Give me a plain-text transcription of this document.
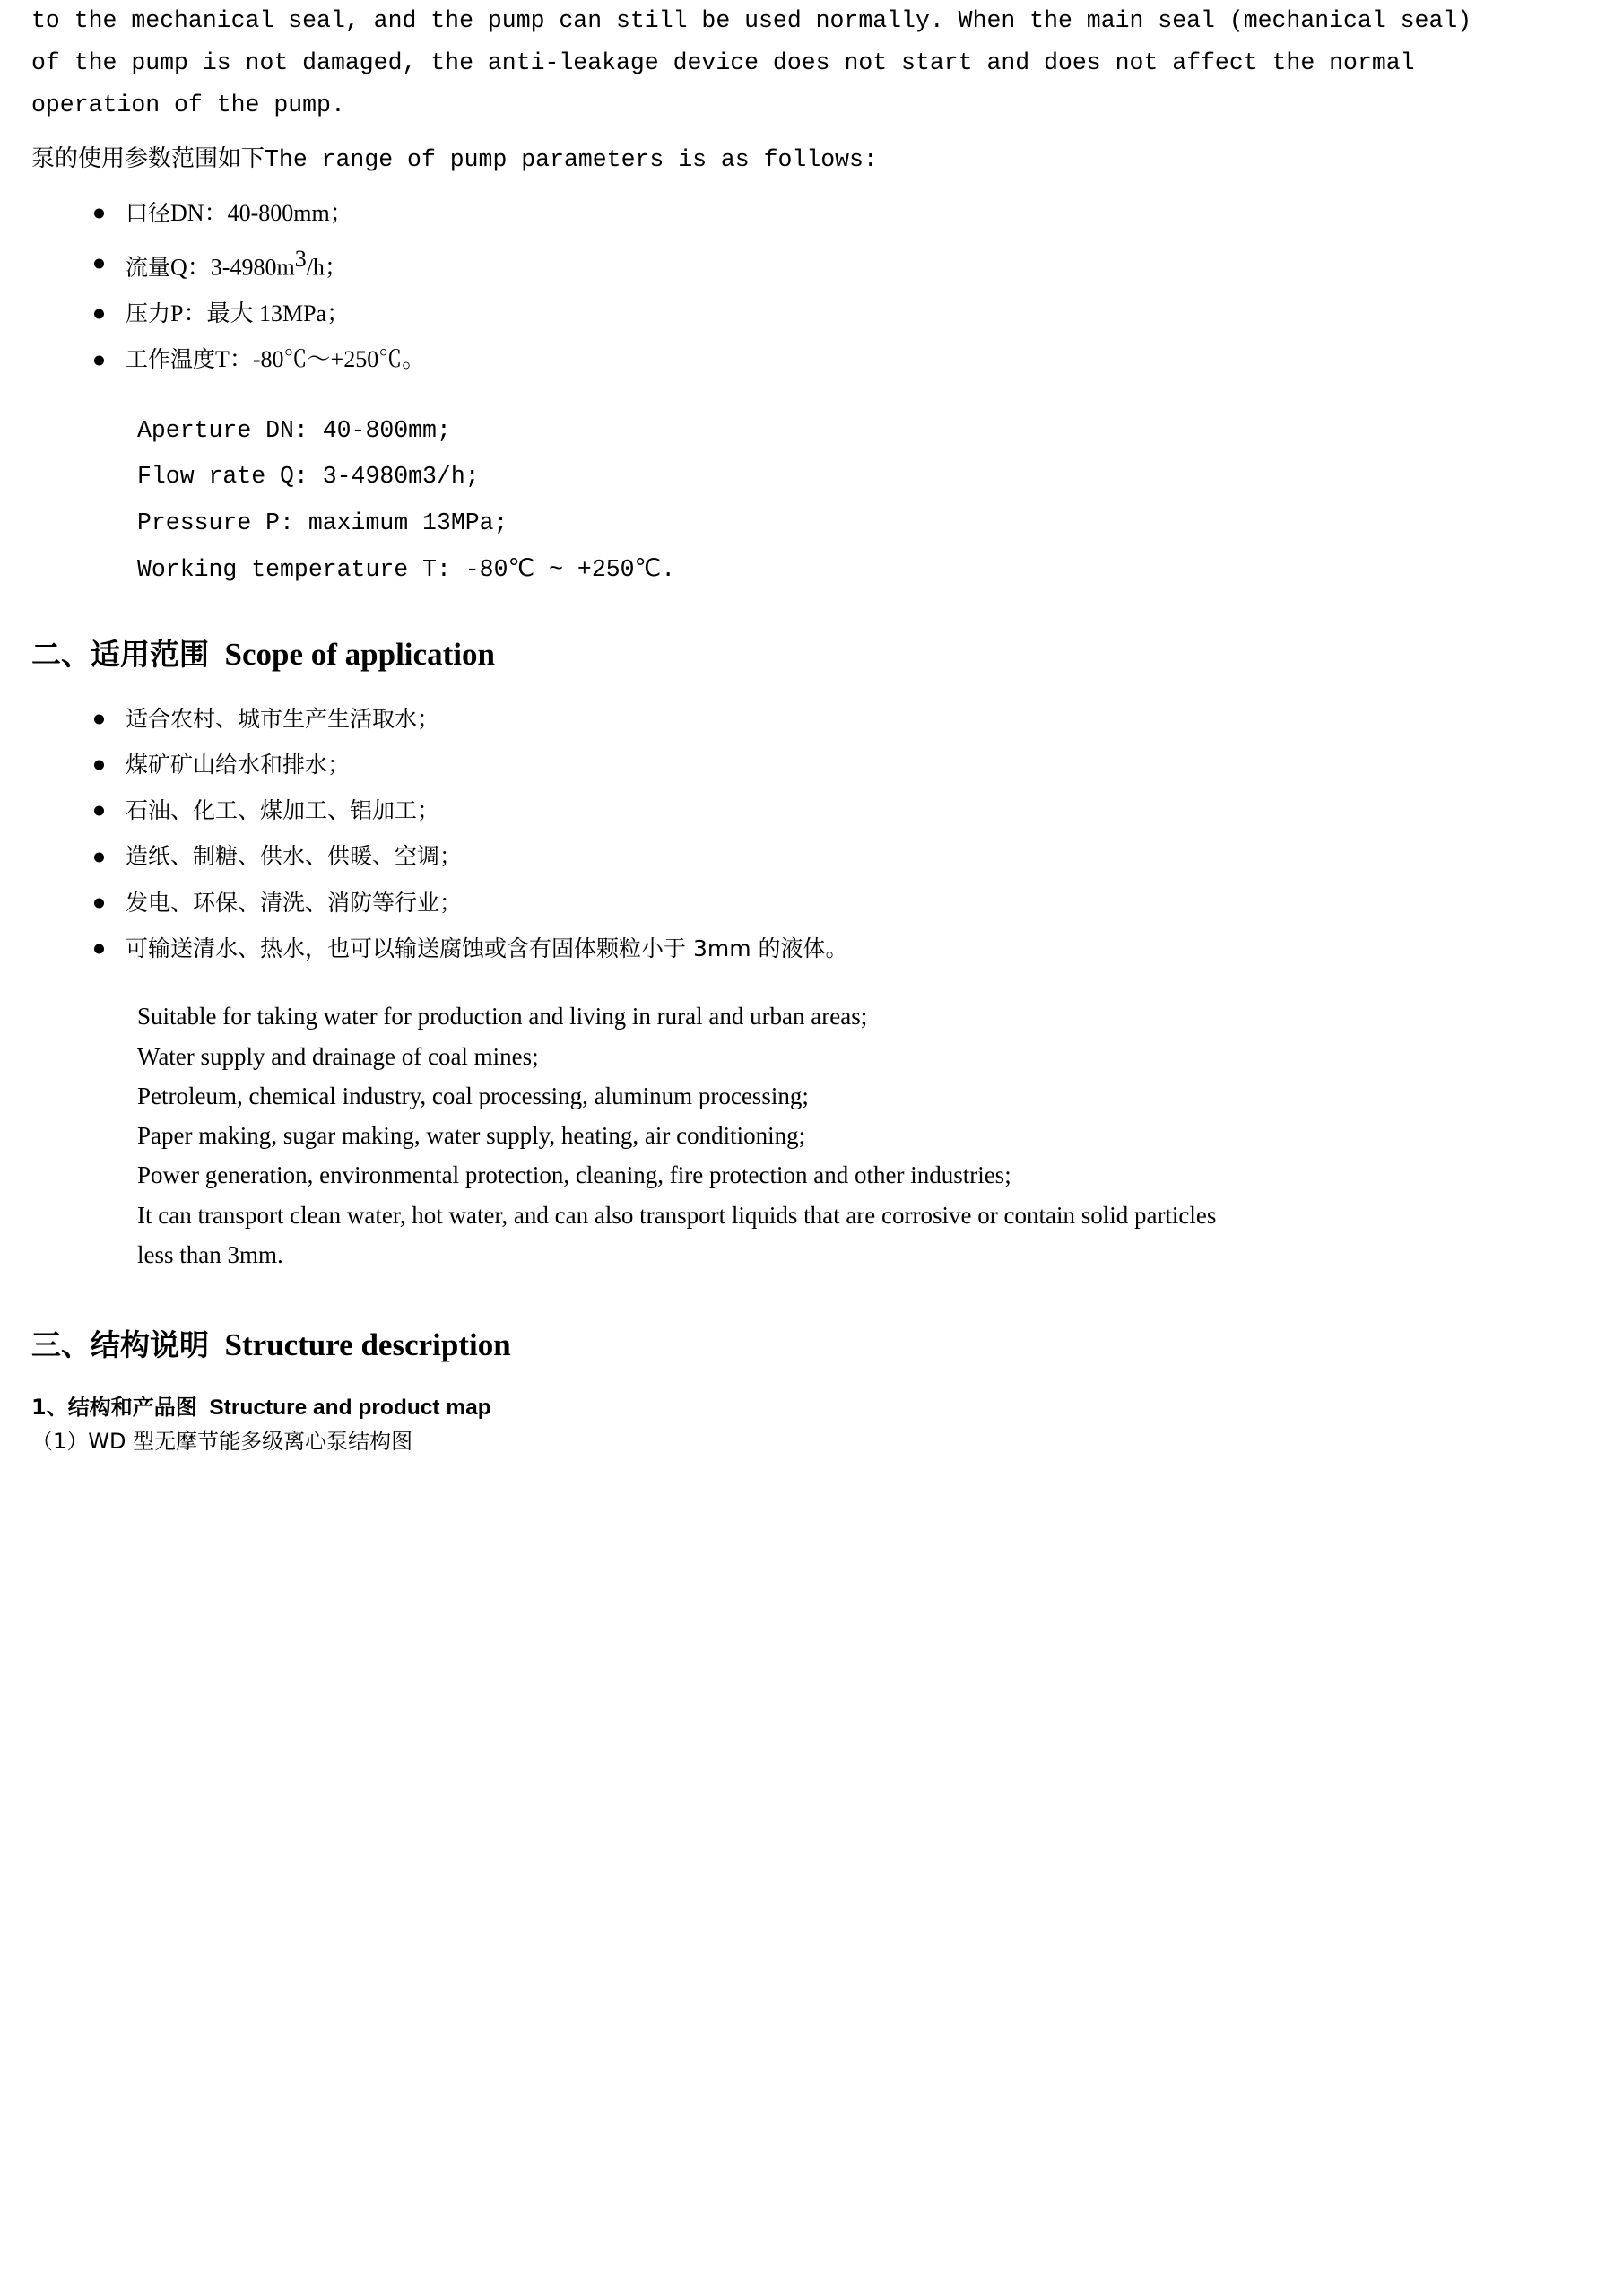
to the mechanical seal, and the pump can still be used normally. When the main seal (mechanical seal)

of the pump is not damaged, the anti-leakage device does not start and does not affect the normal

operation of the pump.

泵的使用参数范围如下The range of pump parameters is as follows:
口径DN：40-800mm；
流量Q：$3-4980m^3/h$；
压力P：最大 13MPa；
工作温度T：-80℃～+250℃。

Aperture DN: 40-800mm;

Flow rate Q: 3-4980m3/h;

Pressure P: maximum 13MPa;

Working temperature T: -80℃ ~ +250℃.

二、适用范围  Scope of application
适合农村、城市生产生活取水；
煤矿矿山给水和排水；
石油、化工、煤加工、铝加工；
造纸、制糖、供水、供暖、空调；
发电、环保、清洗、消防等行业；
可输送清水、热水，也可以输送腐蚀或含有固体颗粒小于 3mm 的液体。

Suitable for taking water for production and living in rural and urban areas;

Water supply and drainage of coal mines;

Petroleum, chemical industry, coal processing, aluminum processing;

Paper making, sugar making, water supply, heating, air conditioning;

Power generation, environmental protection, cleaning, fire protection and other industries;

It can transport clean water, hot water, and can also transport liquids that are corrosive or contain solid particles

less than 3mm.

三、结构说明  Structure description
1、结构和产品图  Structure and product map
（1）WD 型无摩节能多级离心泵结构图
